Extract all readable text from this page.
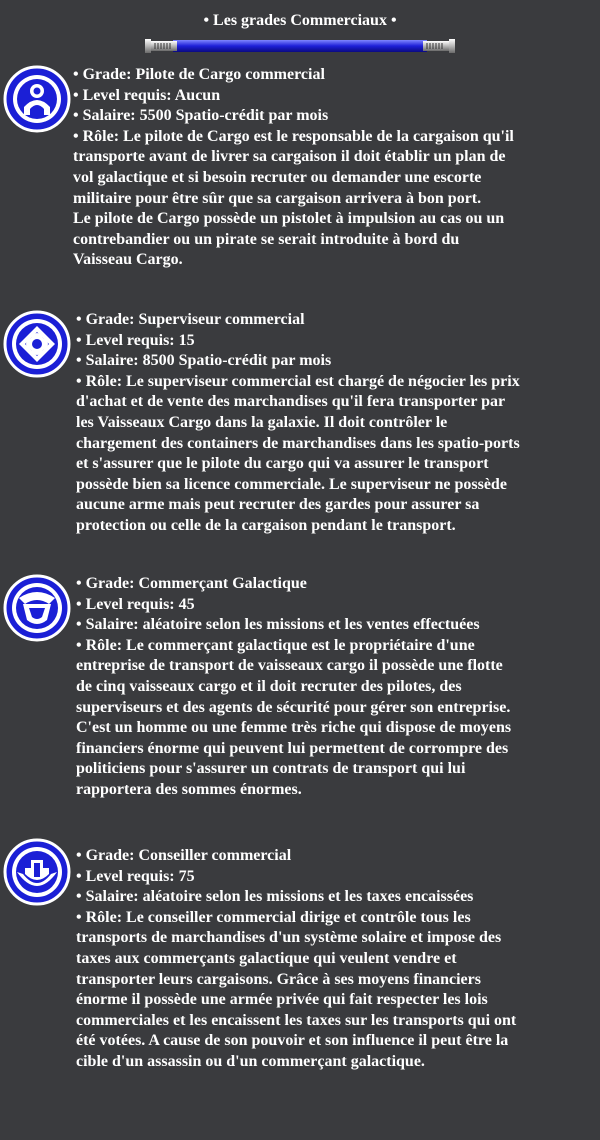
• Les grades Commerciaux •
• Grade: Pilote de Cargo commercial
• Level requis: Aucun
• Salaire: 5500 Spatio-crédit par mois
• Rôle: Le pilote de Cargo est le responsable de la cargaison qu'il
transporte avant de livrer sa cargaison il doit établir un plan de
vol galactique et si besoin recruter ou demander une escorte
militaire pour être sûr que sa cargaison arrivera à bon port.
Le pilote de Cargo possède un pistolet à impulsion au cas ou un
contrebandier ou un pirate se serait introduite à bord du
Vaisseau Cargo.
• Grade: Superviseur commercial
• Level requis: 15
• Salaire: 8500 Spatio-crédit par mois
• Rôle: Le superviseur commercial est chargé de négocier les prix
d'achat et de vente des marchandises qu'il fera transporter par
les Vaisseaux Cargo dans la galaxie. Il doit contrôler le
chargement des containers de marchandises dans les spatio-ports
et s'assurer que le pilote du cargo qui va assurer le transport
possède bien sa licence commerciale. Le superviseur ne possède
aucune arme mais peut recruter des gardes pour assurer sa
protection ou celle de la cargaison pendant le transport.
• Grade: Commerçant Galactique
• Level requis: 45
• Salaire: aléatoire selon les missions et les ventes effectuées
• Rôle: Le commerçant galactique est le propriétaire d'une
entreprise de transport de vaisseaux cargo il possède une flotte
de cinq vaisseaux cargo et il doit recruter des pilotes, des
superviseurs et des agents de sécurité pour gérer son entreprise.
C'est un homme ou une femme très riche qui dispose de moyens
financiers énorme qui peuvent lui permettent de corrompre des
politiciens pour s'assurer un contrats de transport qui lui
rapportera des sommes énormes.
• Grade: Conseiller commercial
• Level requis: 75
• Salaire: aléatoire selon les missions et les taxes encaissées
• Rôle: Le conseiller commercial dirige et contrôle tous les
transports de marchandises d'un système solaire et impose des
taxes aux commerçants galactique qui veulent vendre et
transporter leurs cargaisons. Grâce à ses moyens financiers
énorme il possède une armée privée qui fait respecter les lois
commerciales et les encaissent les taxes sur les transports qui ont
été votées. A cause de son pouvoir et son influence il peut être la
cible d'un assassin ou d'un commerçant galactique.
